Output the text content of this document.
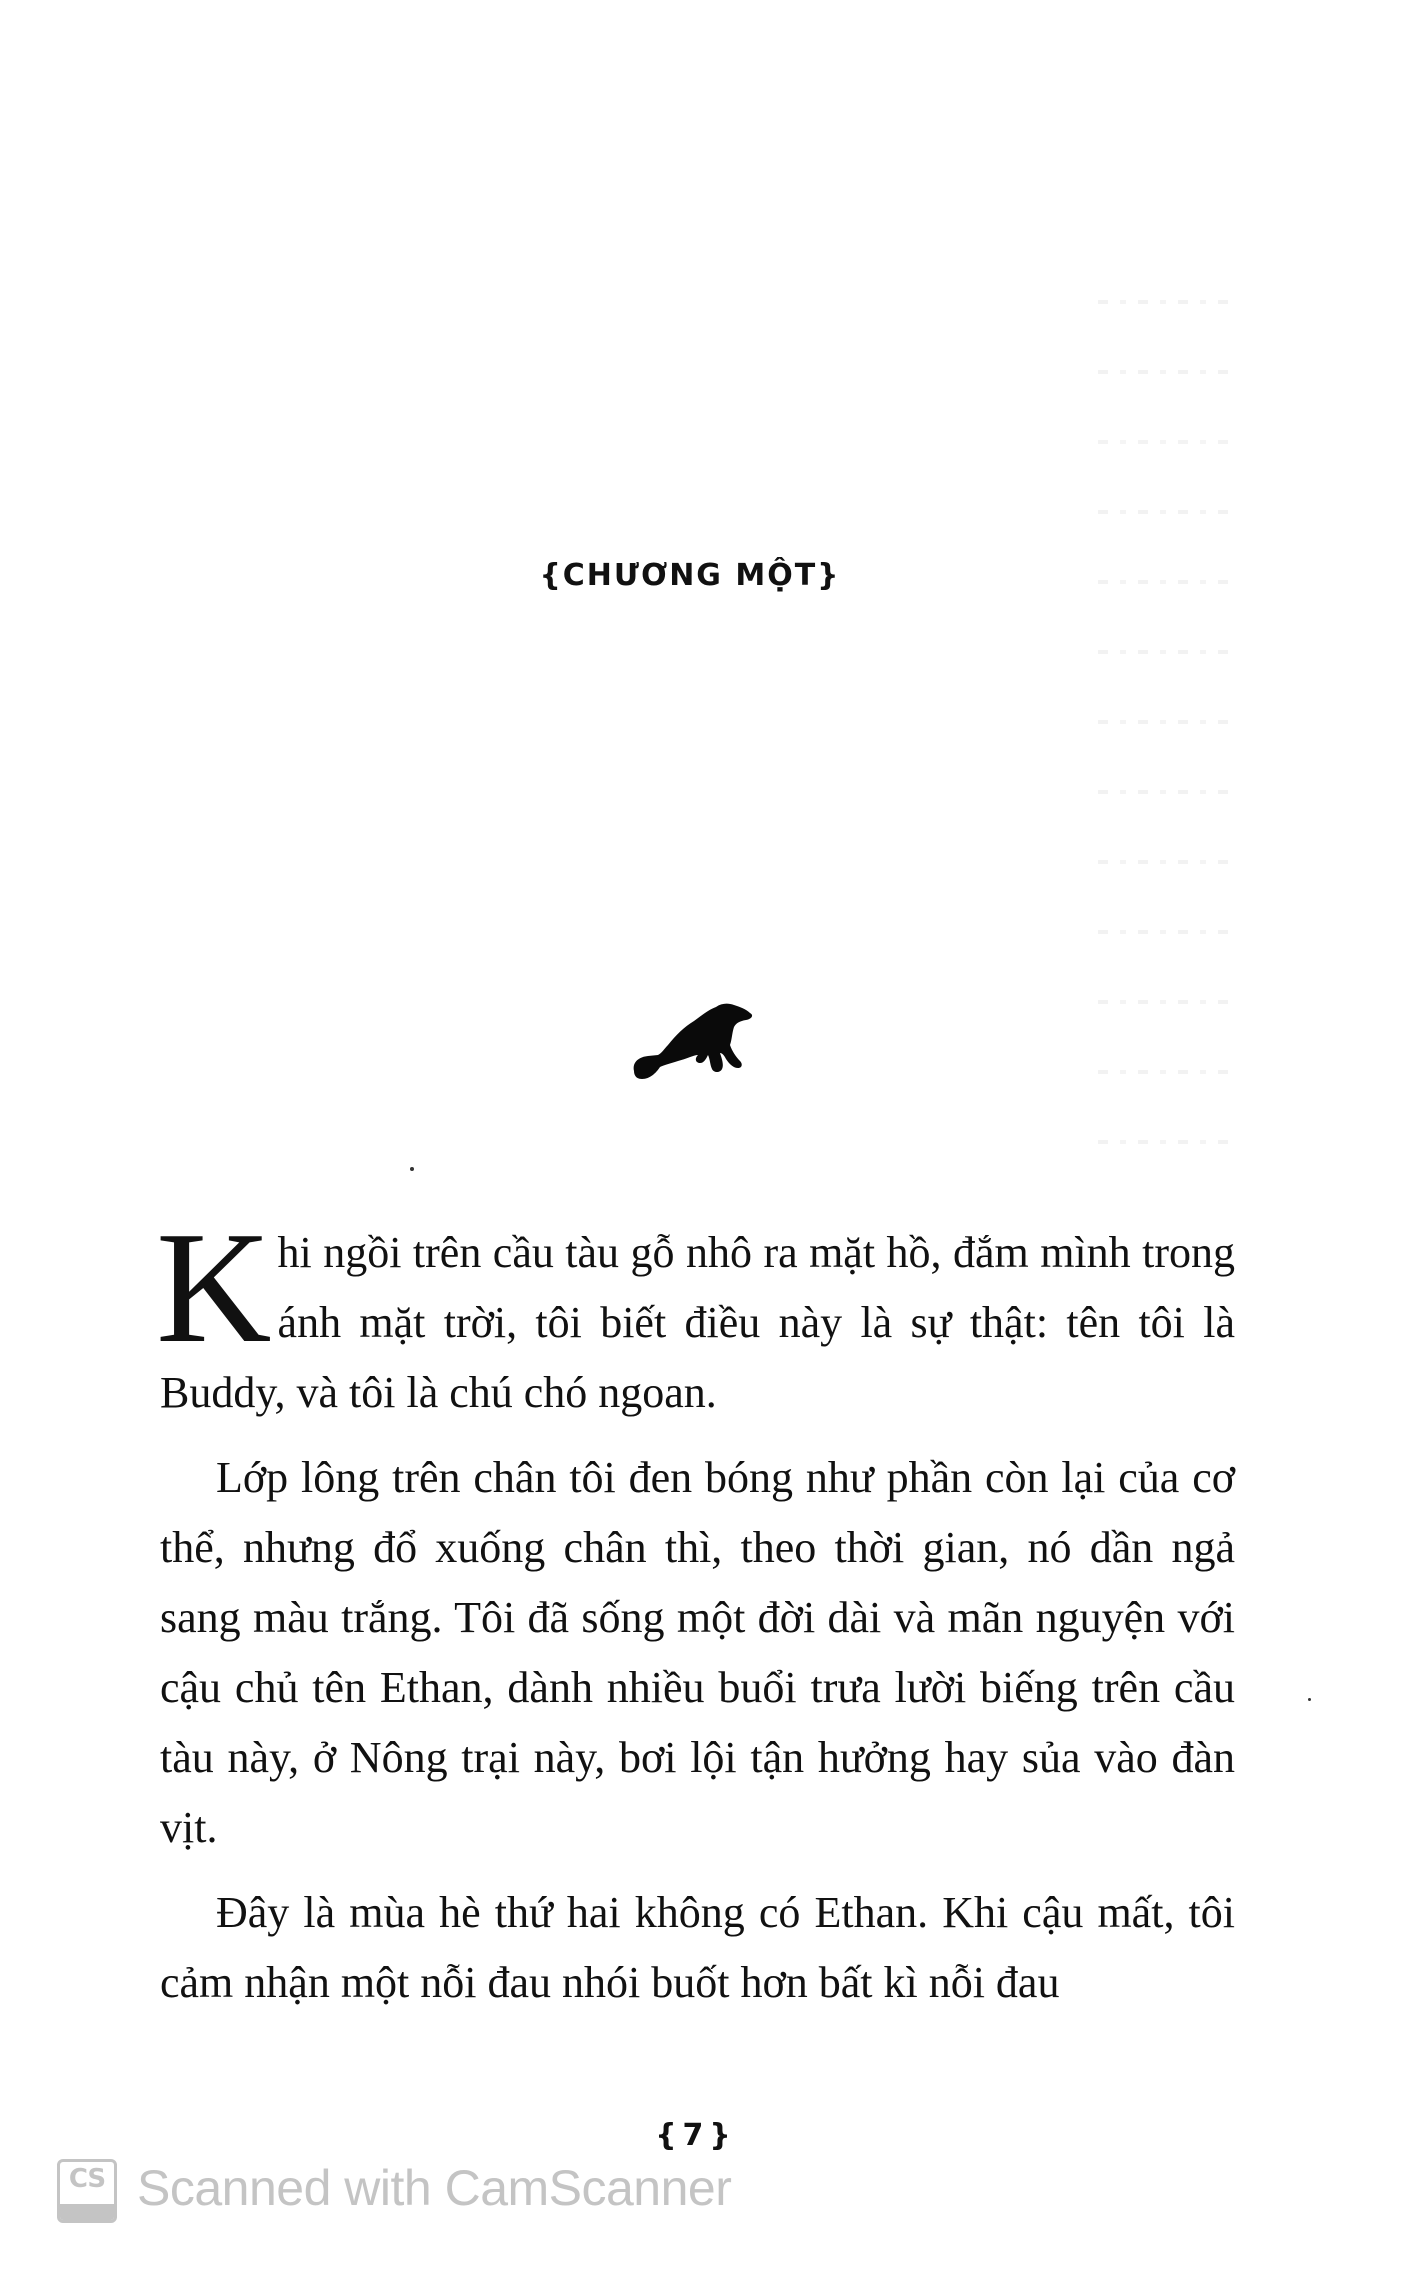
{CHƯƠNG MỘT}

Khi ngồi trên cầu tàu gỗ nhô ra mặt hồ, đắm mình trong ánh mặt trời, tôi biết điều này là sự thật: tên tôi là Buddy, và tôi là chú chó ngoan.

Lớp lông trên chân tôi đen bóng như phần còn lại của cơ thể, nhưng đổ xuống chân thì, theo thời gian, nó dần ngả sang màu trắng. Tôi đã sống một đời dài và mãn nguyện với cậu chủ tên Ethan, dành nhiều buổi trưa lười biếng trên cầu tàu này, ở Nông trại này, bơi lội tận hưởng hay sủa vào đàn vịt.

Đây là mùa hè thứ hai không có Ethan. Khi cậu mất, tôi cảm nhận một nỗi đau nhói buốt hơn bất kì nỗi đau

{7}
CS Scanned with CamScanner
